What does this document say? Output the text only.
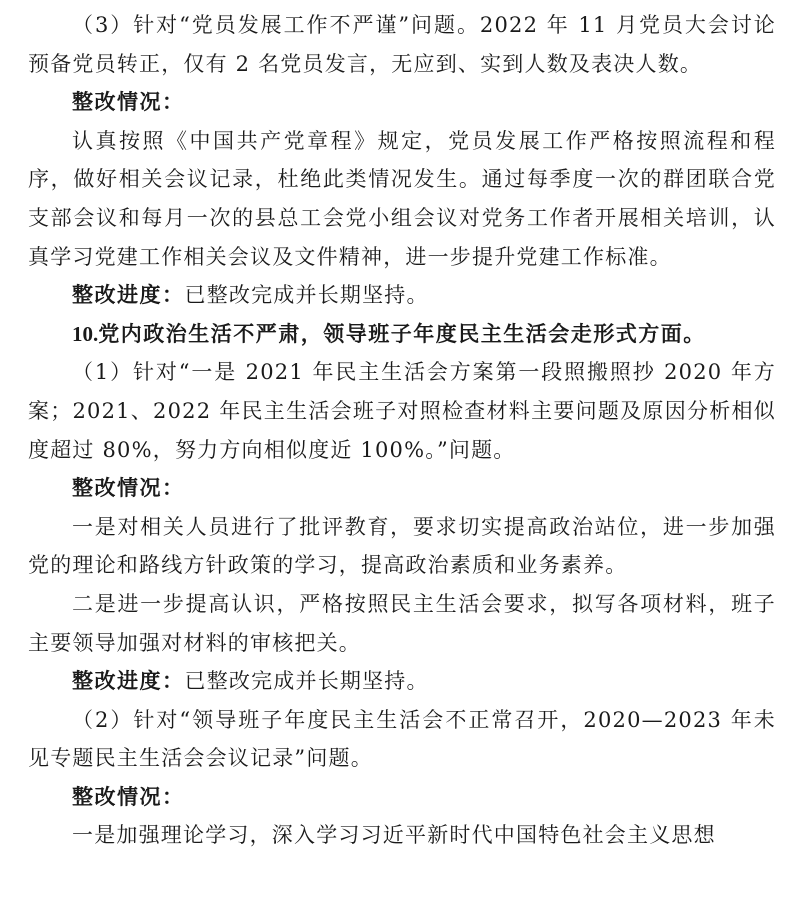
（3）针对“党员发展工作不严谨”问题。2022 年 11 月党员大会讨论预备党员转正，仅有 2 名党员发言，无应到、实到人数及表决人数。

整改情况：

认真按照《中国共产党章程》规定，党员发展工作严格按照流程和程序，做好相关会议记录，杜绝此类情况发生。通过每季度一次的群团联合党支部会议和每月一次的县总工会党小组会议对党务工作者开展相关培训，认真学习党建工作相关会议及文件精神，进一步提升党建工作标准。

整改进度：已整改完成并长期坚持。

10.党内政治生活不严肃，领导班子年度民主生活会走形式方面。

（1）针对“一是 2021 年民主生活会方案第一段照搬照抄 2020 年方案；2021、2022 年民主生活会班子对照检查材料主要问题及原因分析相似度超过 80%，努力方向相似度近 100%。”问题。

整改情况：

一是对相关人员进行了批评教育，要求切实提高政治站位，进一步加强党的理论和路线方针政策的学习，提高政治素质和业务素养。

二是进一步提高认识，严格按照民主生活会要求，拟写各项材料，班子主要领导加强对材料的审核把关。

整改进度：已整改完成并长期坚持。

（2）针对“领导班子年度民主生活会不正常召开，2020—2023 年未见专题民主生活会会议记录”问题。

整改情况：

一是加强理论学习，深入学习习近平新时代中国特色社会主义思想
